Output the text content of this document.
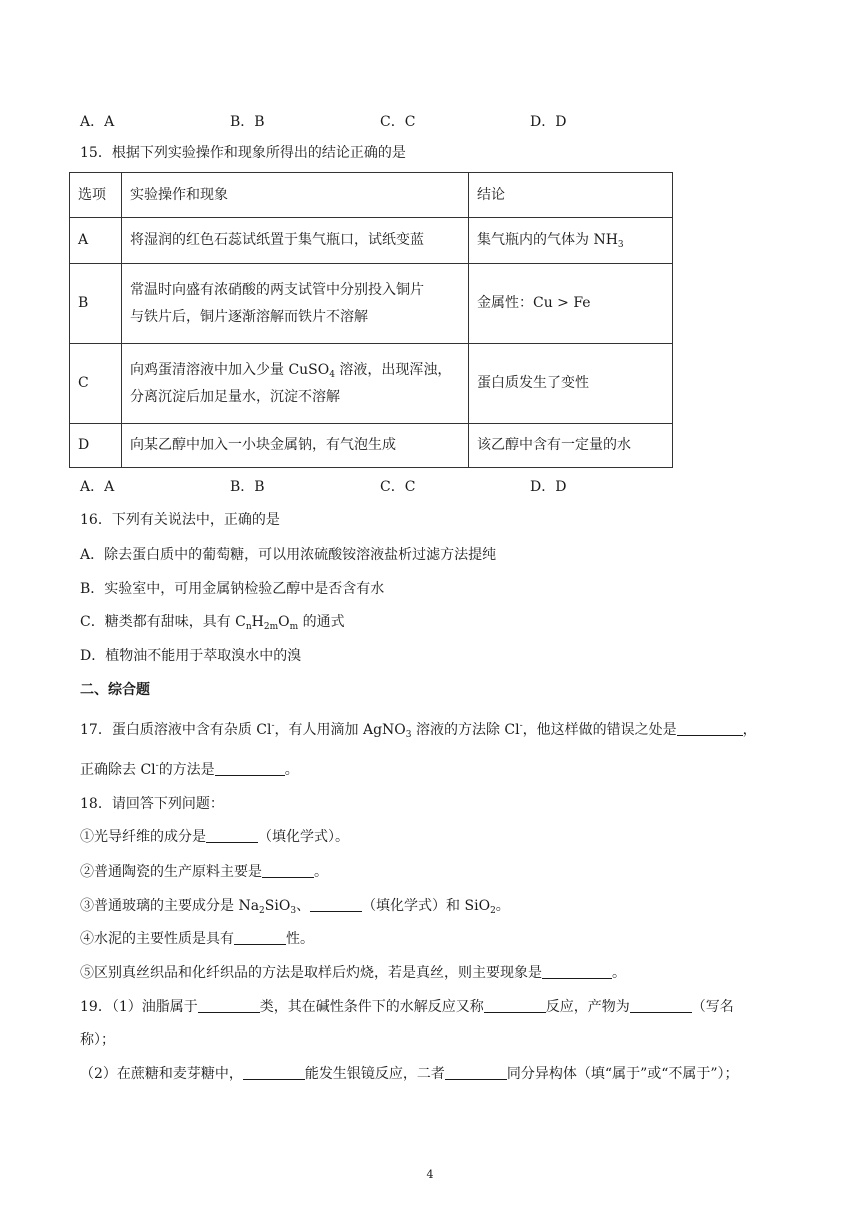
A．A	B．B	C．C	D．D
15．根据下列实验操作和现象所得出的结论正确的是
选项	实验操作和现象	结论
A	将湿润的红色石蕊试纸置于集气瓶口，试纸变蓝	集气瓶内的气体为 $NH_3$
B	常温时向盛有浓硝酸的两支试管中分别投入铜片
与铁片后，铜片逐渐溶解而铁片不溶解	金属性：Cu > Fe
C	向鸡蛋清溶液中加入少量 CuSO$_4$ 溶液，出现浑浊，
分离沉淀后加足量水，沉淀不溶解	蛋白质发生了变性
D	向某乙醇中加入一小块金属钠，有气泡生成	该乙醇中含有一定量的水
A．A	B．B	C．C	D．D
16．下列有关说法中，正确的是
A．除去蛋白质中的葡萄糖，可以用浓硫酸铵溶液盐析过滤方法提纯
B．实验室中，可用金属钠检验乙醇中是否含有水
C．糖类都有甜味，具有 $C_nH_{2m}O_m$ 的通式
D．植物油不能用于萃取溴水中的溴
二、综合题
17．蛋白质溶液中含有杂质 Cl-，有人用滴加 AgNO$_3$ 溶液的方法除 Cl-，他这样做的错误之处是	，
正确除去 Cl-的方法是	。
18．请回答下列问题：
①光导纤维的成分是	（填化学式）。
②普通陶瓷的生产原料主要是	。
③普通玻璃的主要成分是 $Na_2SiO_3$、	（填化学式）和 SiO$_2$。
④水泥的主要性质是具有	性。
⑤区别真丝织品和化纤织品的方法是取样后灼烧，若是真丝，则主要现象是	。
19．（1）油脂属于	类，其在碱性条件下的水解反应又称	反应，产物为	（写名
称）；
（2）在蔗糖和麦芽糖中，	能发生银镜反应，二者	同分异构体（填“属于”或“不属于”）；
4
